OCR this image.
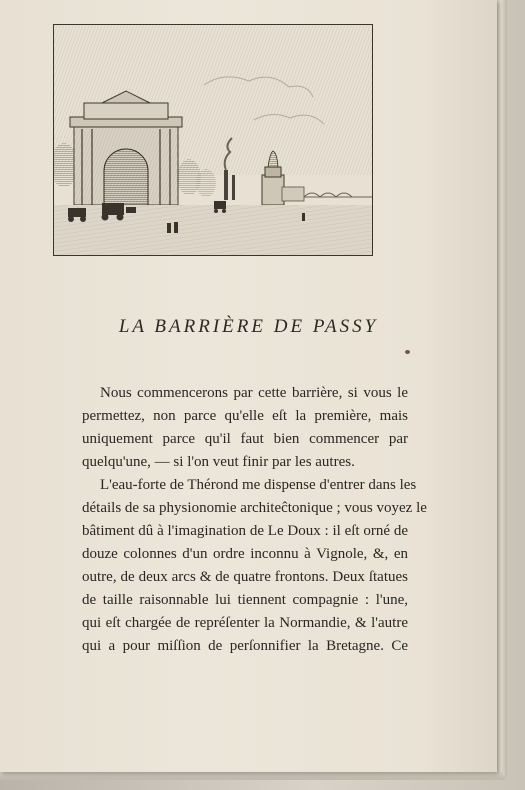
LA BARRIÈRE DE PASSY
Nous commencerons par cette barrière, si vous le
permettez, non parce qu'elle eſt la première, mais
uniquement parce qu'il faut bien commencer par
quelqu'une, — si l'on veut finir par les autres.
L'eau-forte de Thérond me dispense d'entrer dans les
détails de sa physionomie architeĉtonique ; vous voyez le
bâtiment dû à l'imagination de Le Doux : il eſt orné de
douze colonnes d'un ordre inconnu à Vignole, &, en
outre, de deux arcs & de quatre frontons. Deux ſtatues
de taille raisonnable lui tiennent compagnie : l'une,
qui eſt chargée de repréſenter la Normandie, & l'autre
qui a pour miſſion de perſonnifier la Bretagne. Ce
